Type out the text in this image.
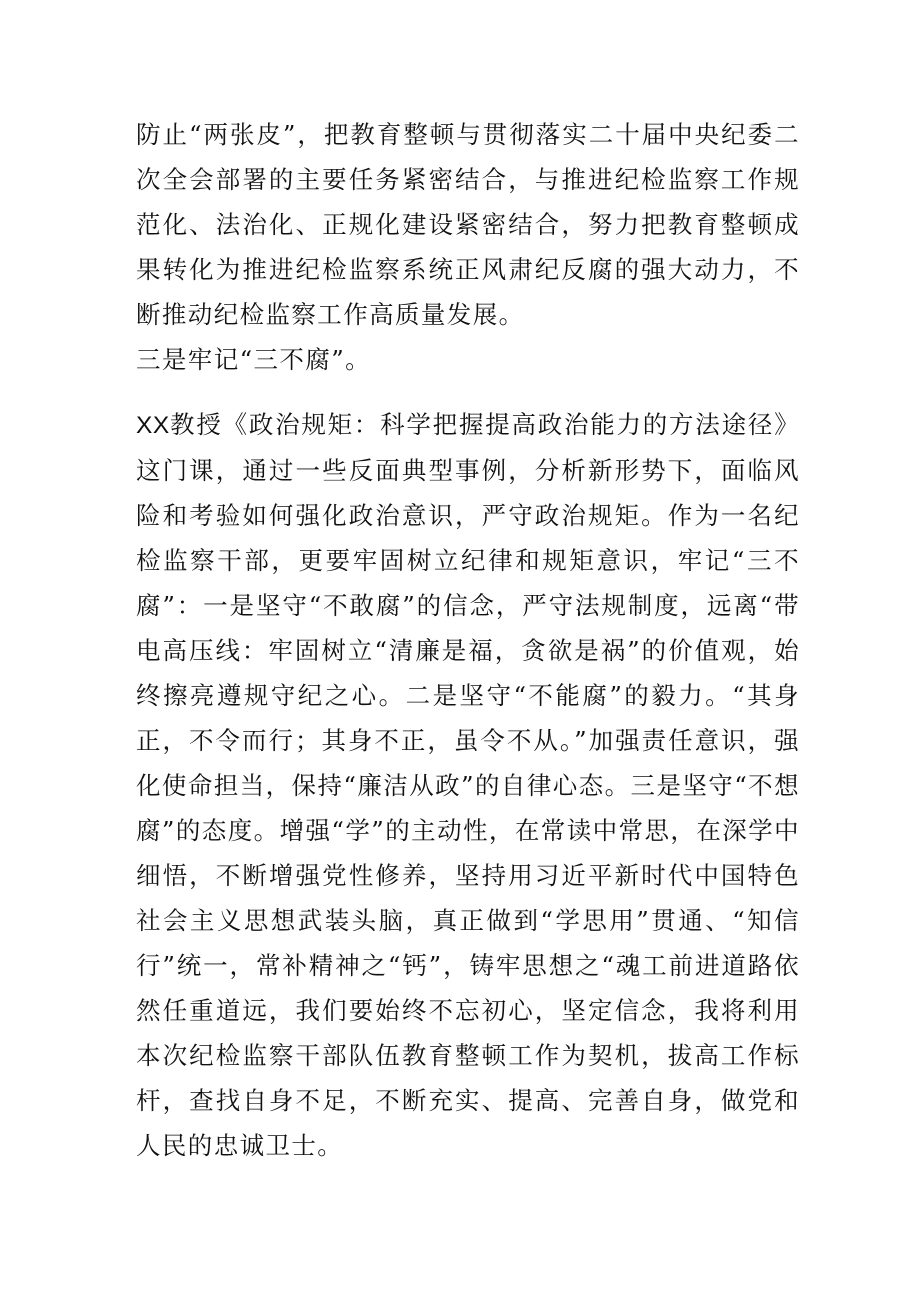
防止“两张皮”，把教育整顿与贯彻落实二十届中央纪委二次全会部署的主要任务紧密结合，与推进纪检监察工作规范化、法治化、正规化建设紧密结合，努力把教育整顿成果转化为推进纪检监察系统正风肃纪反腐的强大动力，不断推动纪检监察工作高质量发展。

三是牢记“三不腐”。

XX教授《政治规矩：科学把握提高政治能力的方法途径》这门课，通过一些反面典型事例，分析新形势下，面临风险和考验如何强化政治意识，严守政治规矩。作为一名纪检监察干部，更要牢固树立纪律和规矩意识，牢记“三不腐”：一是坚守“不敢腐”的信念，严守法规制度，远离“带电高压线：牢固树立“清廉是福，贪欲是祸”的价值观，始终擦亮遵规守纪之心。二是坚守“不能腐”的毅力。“其身正，不令而行；其身不正，虽令不从。”加强责任意识，强化使命担当，保持“廉洁从政”的自律心态。三是坚守“不想腐”的态度。增强“学”的主动性，在常读中常思，在深学中细悟，不断增强党性修养，坚持用习近平新时代中国特色社会主义思想武装头脑，真正做到“学思用”贯通、“知信行”统一，常补精神之“钙”，铸牢思想之“魂工前进道路依然任重道远，我们要始终不忘初心，坚定信念，我将利用本次纪检监察干部队伍教育整顿工作为契机，拔高工作标杆，查找自身不足，不断充实、提高、完善自身，做党和人民的忠诚卫士。
